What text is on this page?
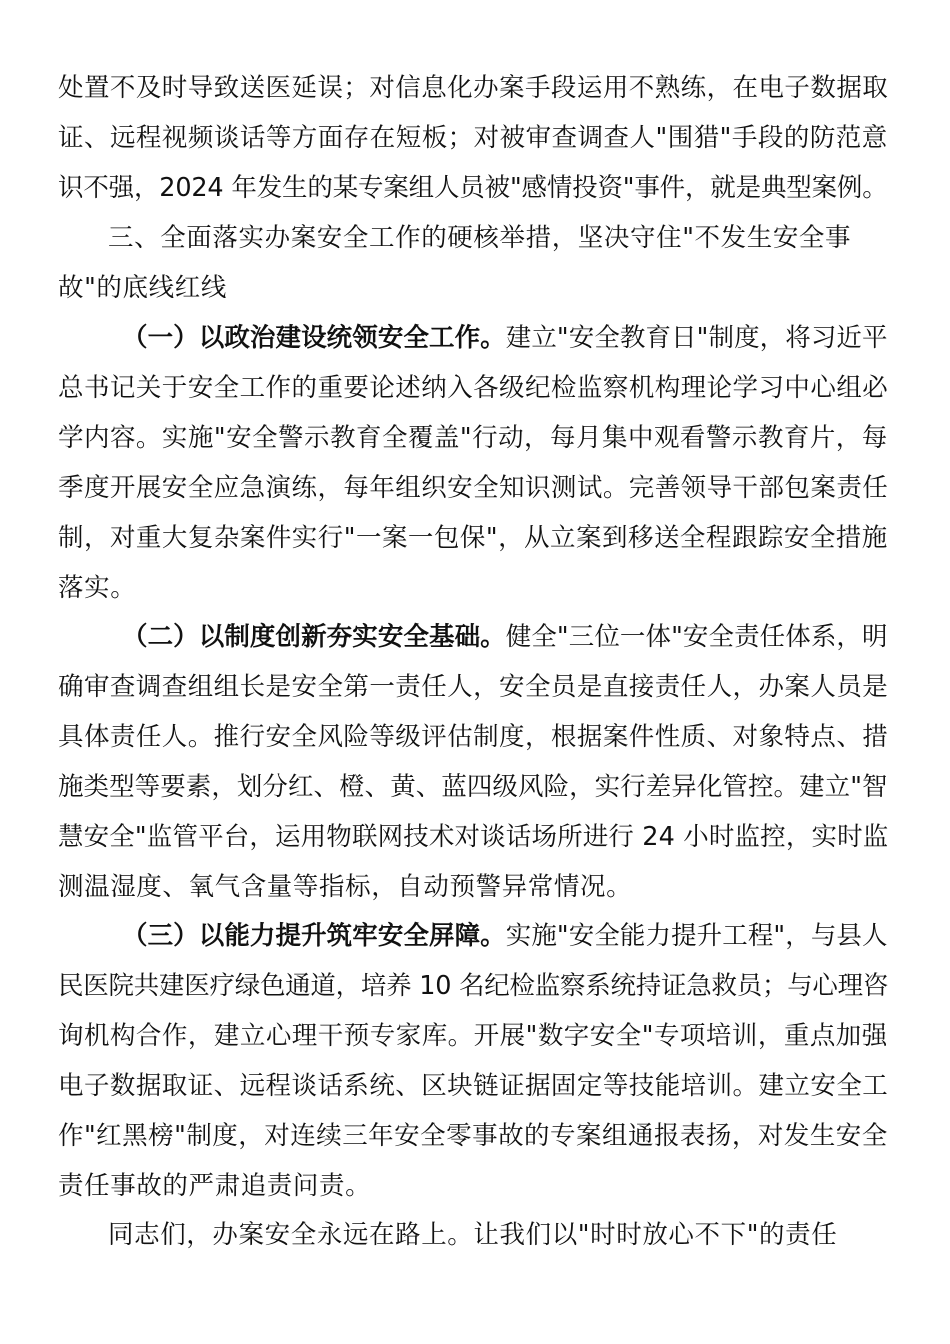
处置不及时导致送医延误；对信息化办案手段运用不熟练，在电子数据取
证、远程视频谈话等方面存在短板；对被审查调查人"围猎"手段的防范意
识不强，2024 年发生的某专案组人员被"感情投资"事件，就是典型案例。
三、全面落实办案安全工作的硬核举措，坚决守住"不发生安全事
故"的底线红线
（一）以政治建设统领安全工作。建立"安全教育日"制度，将习近平
总书记关于安全工作的重要论述纳入各级纪检监察机构理论学习中心组必
学内容。实施"安全警示教育全覆盖"行动，每月集中观看警示教育片，每
季度开展安全应急演练，每年组织安全知识测试。完善领导干部包案责任
制，对重大复杂案件实行"一案一包保"，从立案到移送全程跟踪安全措施
落实。
（二）以制度创新夯实安全基础。健全"三位一体"安全责任体系，明
确审查调查组组长是安全第一责任人，安全员是直接责任人，办案人员是
具体责任人。推行安全风险等级评估制度，根据案件性质、对象特点、措
施类型等要素，划分红、橙、黄、蓝四级风险，实行差异化管控。建立"智
慧安全"监管平台，运用物联网技术对谈话场所进行 24 小时监控，实时监
测温湿度、氧气含量等指标，自动预警异常情况。
（三）以能力提升筑牢安全屏障。实施"安全能力提升工程"，与县人
民医院共建医疗绿色通道，培养 10 名纪检监察系统持证急救员；与心理咨
询机构合作，建立心理干预专家库。开展"数字安全"专项培训，重点加强
电子数据取证、远程谈话系统、区块链证据固定等技能培训。建立安全工
作"红黑榜"制度，对连续三年安全零事故的专案组通报表扬，对发生安全
责任事故的严肃追责问责。
同志们，办案安全永远在路上。让我们以"时时放心不下"的责任
